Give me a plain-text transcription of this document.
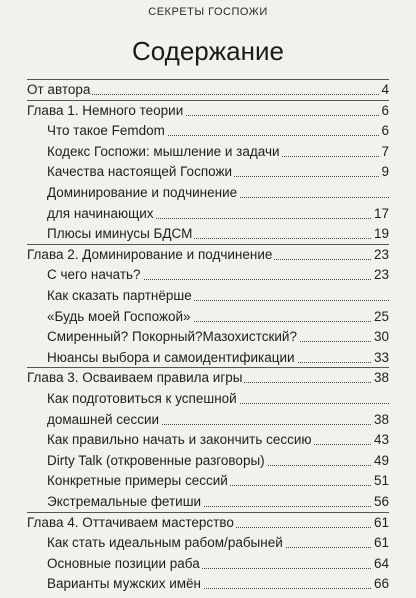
СЕКРЕТЫ ГОСПОЖИ
Содержание
От автора	4
Глава 1. Немного теории	6
Что такое Femdom	6
Кодекс Госпожи: мышление и задачи	7
Качества настоящей Госпожи	9
Доминирование и подчинение
для начинающих	17
Плюсы иминусы БДСМ	19
Глава 2. Доминирование и подчинение	23
С чего начать?	23
Как сказать партнёрше
«Будь моей Госпожой»	25
Смиренный? Покорный?Мазохистский?	30
Нюансы выбора и самоидентификации	33
Глава 3. Осваиваем правила игры	38
Как подготовиться к успешной
домашней сессии	38
Как правильно начать и закончить сессию	43
Dirty Talk (откровенные разговоры)	49
Конкретные примеры сессий	51
Экстремальные фетиши	56
Глава 4. Оттачиваем мастерство	61
Как стать идеальным рабом/рабыней	61
Основные позиции раба	64
Варианты мужских имён	66
